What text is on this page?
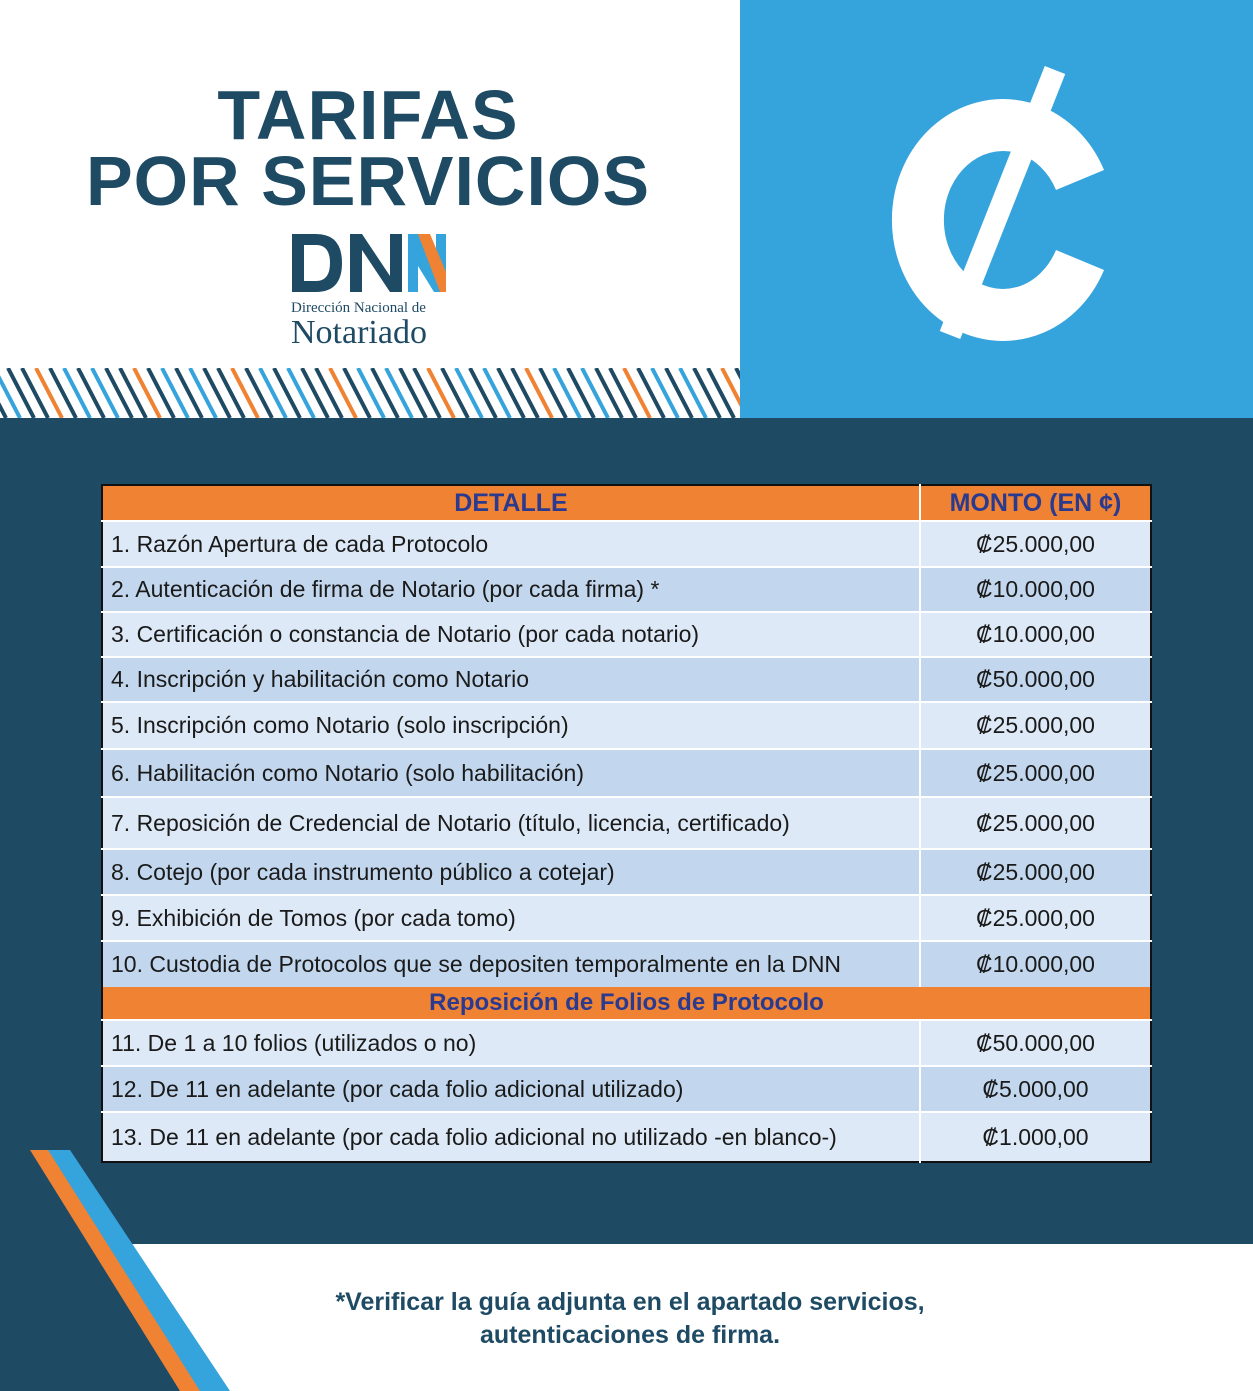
TARIFAS
POR SERVICIOS
Dirección Nacional de
Notariado
DETALLE	MONTO (EN ¢)
1. Razón Apertura de cada Protocolo	₡25.000,00
2. Autenticación de firma de Notario (por cada firma) *	₡10.000,00
3. Certificación o constancia de Notario (por cada notario)	₡10.000,00
4. Inscripción y habilitación como Notario	₡50.000,00
5. Inscripción como Notario (solo inscripción)	₡25.000,00
6. Habilitación como Notario (solo habilitación)	₡25.000,00
7. Reposición de Credencial de Notario (título, licencia, certificado)	₡25.000,00
8. Cotejo (por cada instrumento público a cotejar)	₡25.000,00
9. Exhibición de Tomos (por cada tomo)	₡25.000,00
10. Custodia de Protocolos que se depositen temporalmente en la DNN	₡10.000,00
Reposición de Folios de Protocolo	
11. De 1 a 10 folios (utilizados o no)	₡50.000,00
12. De 11 en adelante (por cada folio adicional utilizado)	₡5.000,00
13. De 11 en adelante (por cada folio adicional no utilizado -en blanco-)	₡1.000,00
*Verificar la guía adjunta en el apartado servicios,
autenticaciones de firma.
